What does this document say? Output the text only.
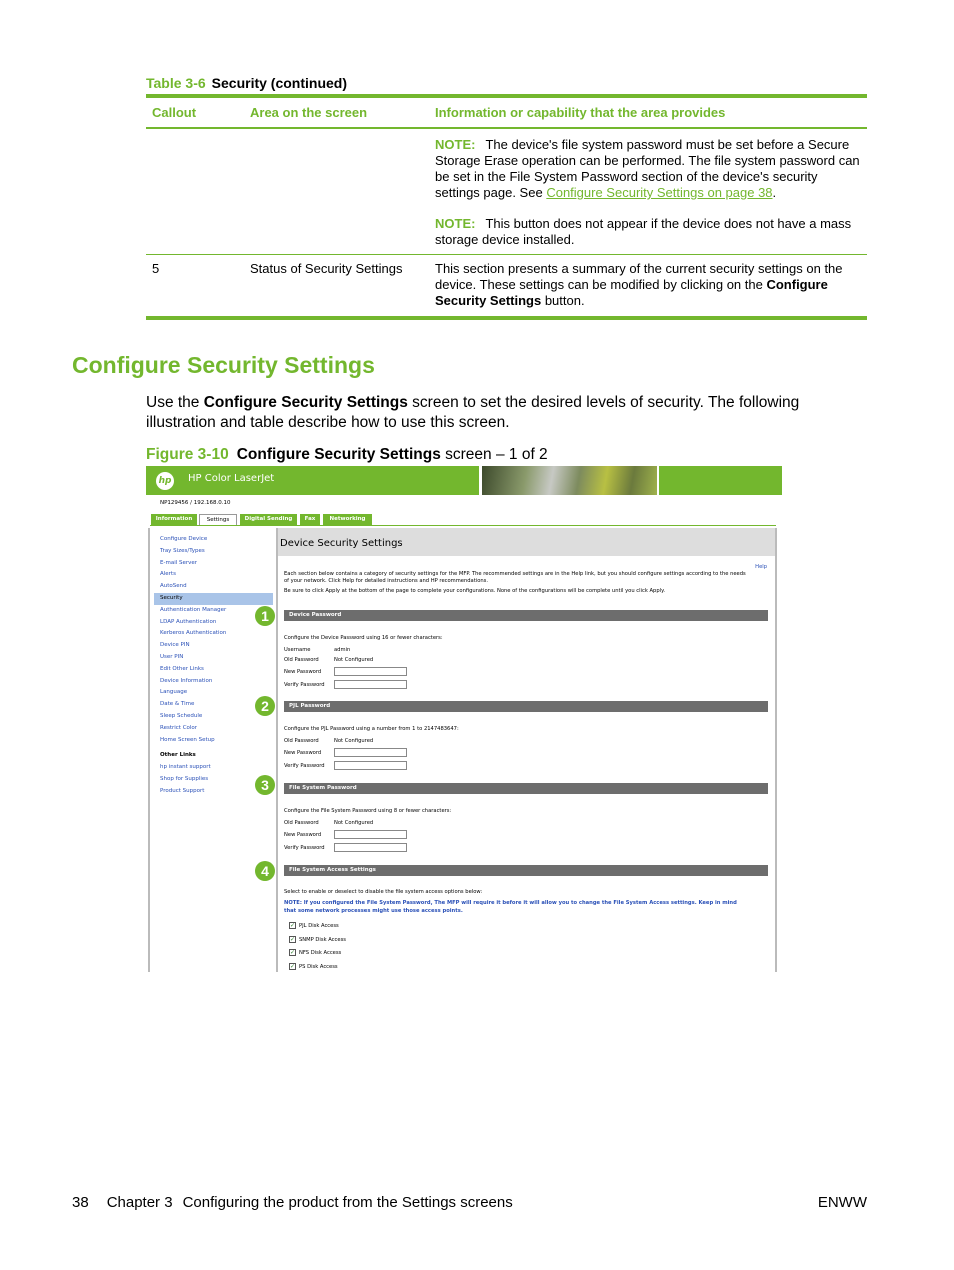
Table 3-6 Security (continued)
Callout	Area on the screen	Information or capability that the area provides
NOTE: The device's file system password must be set before a Secure Storage Erase operation can be performed. The file system password can be set in the File System Password section of the device's security settings page. See Configure Security Settings on page 38.
NOTE: This button does not appear if the device does not have a mass storage device installed.
5	Status of Security Settings	This section presents a summary of the current security settings on the device. These settings can be modified by clicking on the Configure Security Settings button.
Configure Security Settings

Use the Configure Security Settings screen to set the desired levels of security. The following illustration and table describe how to use this screen.

Figure 3-10 Configure Security Settings screen – 1 of 2
hp HP Color LaserJet
NP129456 / 192.168.0.10
Information	Settings	Digital Sending	Fax	Networking
Configure Device
Tray Sizes/Types
E-mail Server
Alerts
AutoSend
Security
Authentication Manager
LDAP Authentication
Kerberos Authentication
Device PIN
User PIN
Edit Other Links
Device Information
Language
Date & Time
Sleep Schedule
Restrict Color
Home Screen Setup
Other Links
hp instant support
Shop for Supplies
Product Support
1
2
3
4
Device Security Settings
Help
Each section below contains a category of security settings for the MFP. The recommended settings are in the Help link, but you should configure settings according to the needs
of your network. Click Help for detailed instructions and HP recommendations.
Be sure to click Apply at the bottom of the page to complete your configurations. None of the configurations will be complete until you click Apply.
Device Password
Configure the Device Password using 16 or fewer characters:
Username	admin
Old Password	Not Configured
New Password
Verify Password
PJL Password
Configure the PJL Password using a number from 1 to 2147483647:
Old Password	Not Configured
New Password
Verify Password
File System Password
Configure the File System Password using 8 or fewer characters:
Old Password	Not Configured
New Password
Verify Password
File System Access Settings
Select to enable or deselect to disable the file system access options below:
NOTE: If you configured the File System Password, The MFP will require it before it will allow you to change the File System Access settings. Keep in mind
that some network processes might use those access points.
✓ PJL Disk Access
✓ SNMP Disk Access
✓ NFS Disk Access
✓ PS Disk Access
38 Chapter 3 Configuring the product from the Settings screens	ENWW
